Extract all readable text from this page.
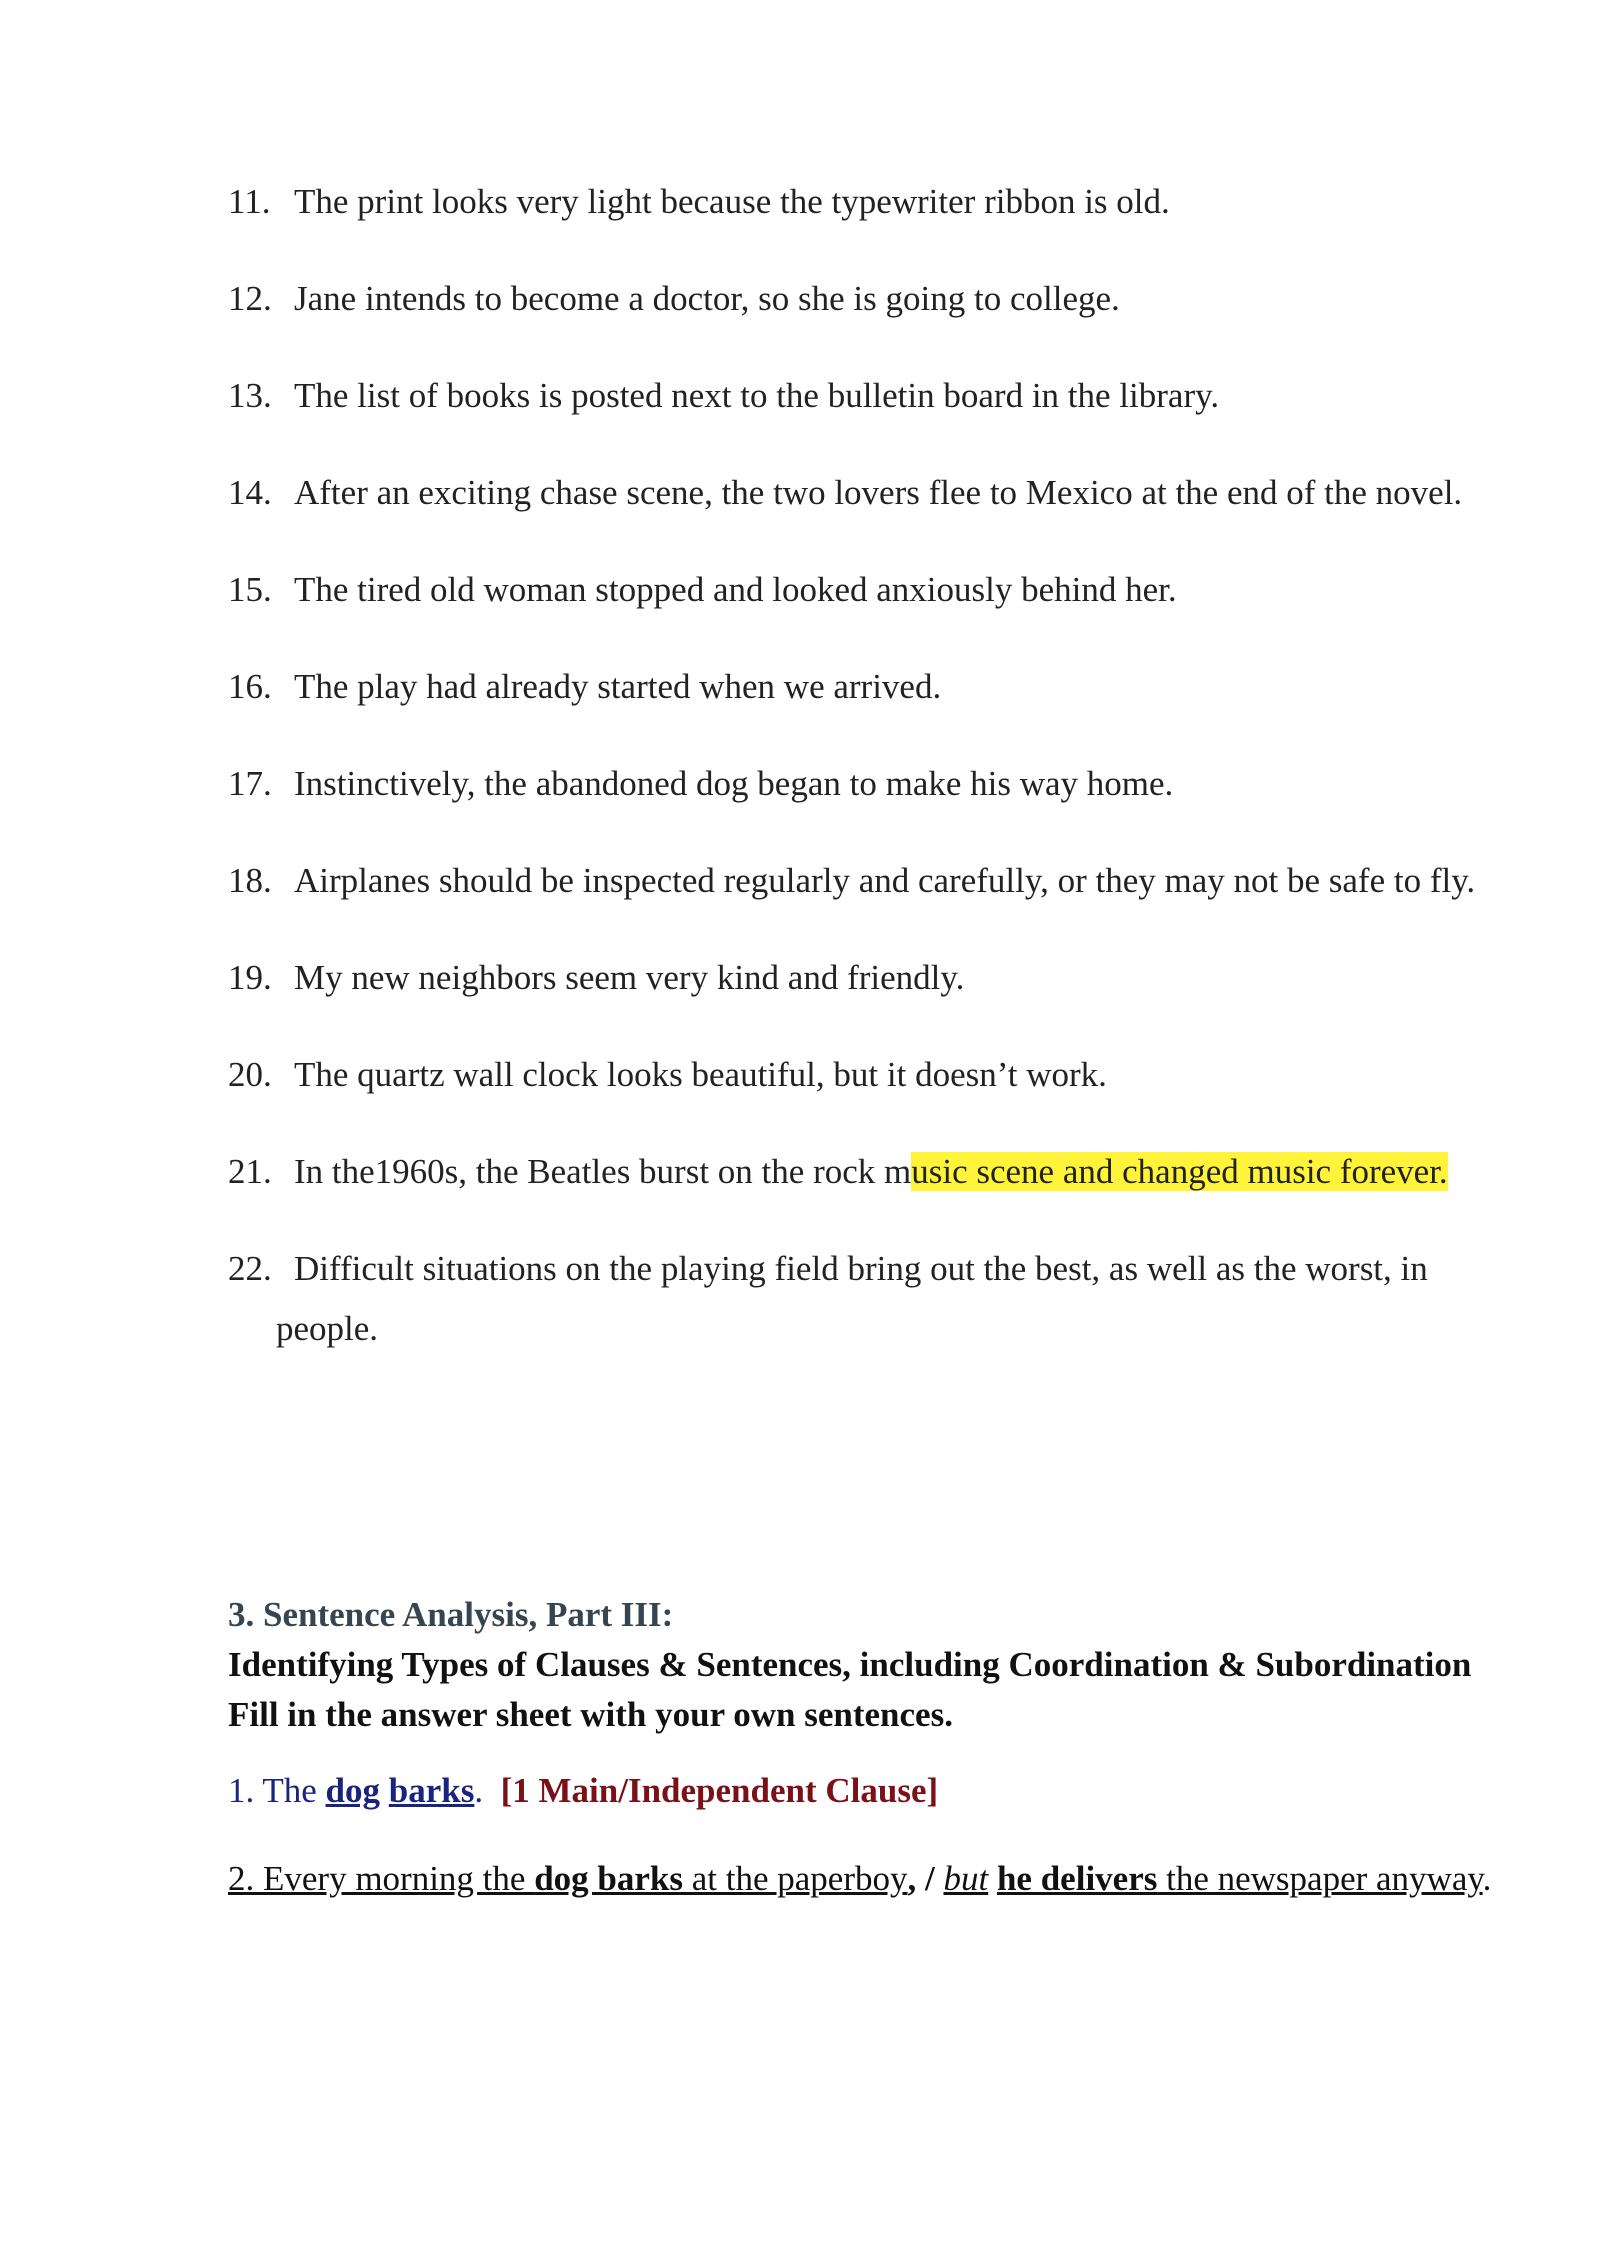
11. The print looks very light because the typewriter ribbon is old.

12. Jane intends to become a doctor, so she is going to college.

13. The list of books is posted next to the bulletin board in the library.

14. After an exciting chase scene, the two lovers flee to Mexico at the end of the novel.

15. The tired old woman stopped and looked anxiously behind her.

16. The play had already started when we arrived.

17. Instinctively, the abandoned dog began to make his way home.

18. Airplanes should be inspected regularly and carefully, or they may not be safe to fly.

19. My new neighbors seem very kind and friendly.

20. The quartz wall clock looks beautiful, but it doesn’t work.

21. In the1960s, the Beatles burst on the rock music scene and changed music forever.

22. Difficult situations on the playing field bring out the best, as well as the worst, in people.

3. Sentence Analysis, Part III:

Identifying Types of Clauses & Sentences, including Coordination & Subordination

Fill in the answer sheet with your own sentences.

1. The dog barks. [1 Main/Independent Clause]

2. Every morning the dog barks at the paperboy, / but he delivers the newspaper anyway.
